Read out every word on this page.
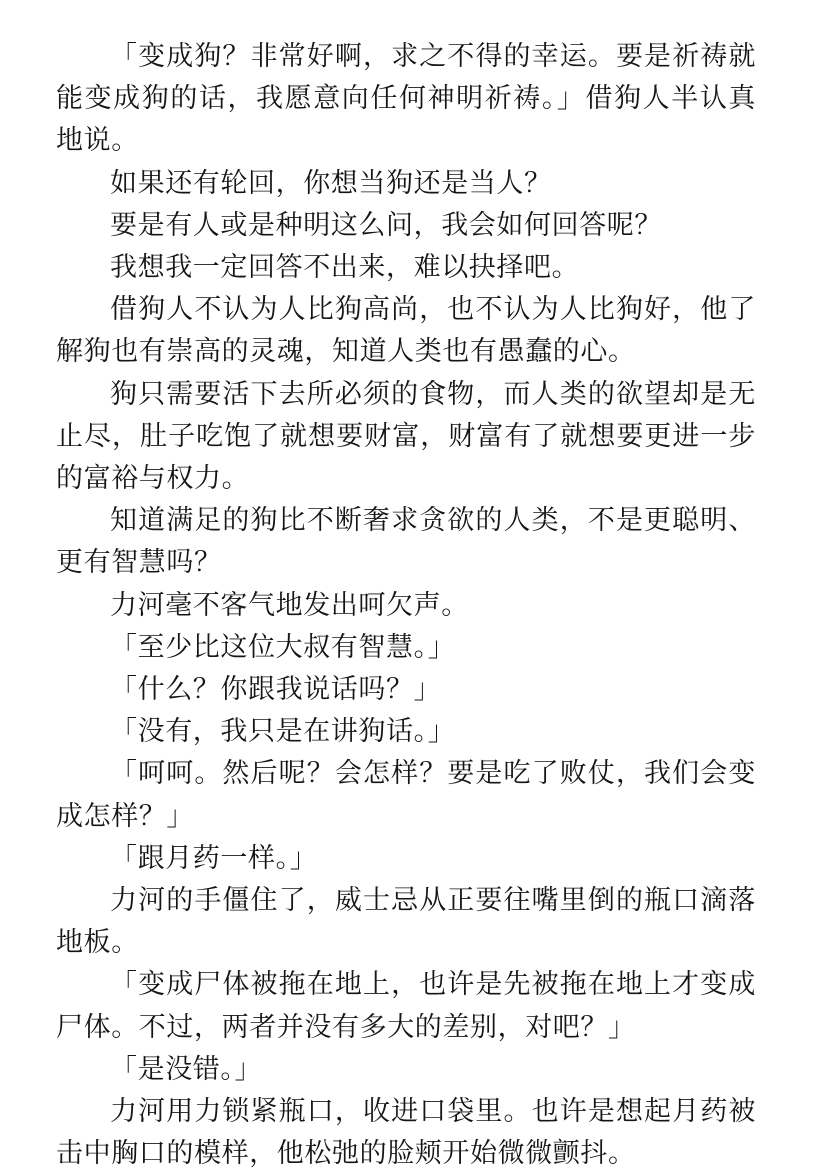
「变成狗？非常好啊，求之不得的幸运。要是祈祷就能变成狗的话，我愿意向任何神明祈祷。」借狗人半认真地说。

如果还有轮回，你想当狗还是当人？

要是有人或是种明这么问，我会如何回答呢？

我想我一定回答不出来，难以抉择吧。

借狗人不认为人比狗高尚，也不认为人比狗好，他了解狗也有崇高的灵魂，知道人类也有愚蠢的心。

狗只需要活下去所必须的食物，而人类的欲望却是无止尽，肚子吃饱了就想要财富，财富有了就想要更进一步的富裕与权力。

知道满足的狗比不断奢求贪欲的人类，不是更聪明、更有智慧吗？

力河毫不客气地发出呵欠声。

「至少比这位大叔有智慧。」

「什么？你跟我说话吗？」

「没有，我只是在讲狗话。」

「呵呵。然后呢？会怎样？要是吃了败仗，我们会变成怎样？」

「跟月药一样。」

力河的手僵住了，威士忌从正要往嘴里倒的瓶口滴落地板。

「变成尸体被拖在地上，也许是先被拖在地上才变成尸体。不过，两者并没有多大的差别，对吧？」

「是没错。」

力河用力锁紧瓶口，收进口袋里。也许是想起月药被击中胸口的模样，他松弛的脸颊开始微微颤抖。
